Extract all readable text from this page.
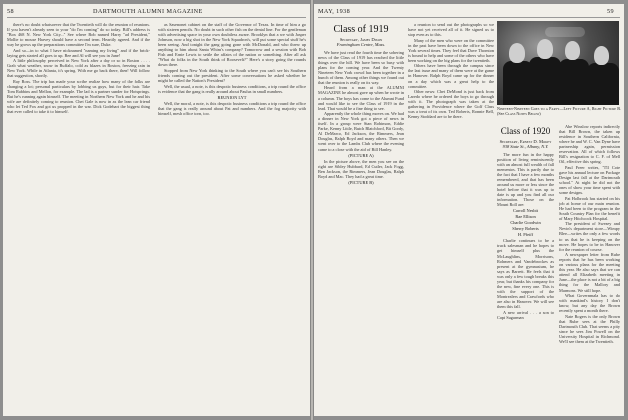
58	DARTMOUTH ALUMNI MAGAZINE

there's no doubt whatsoever that the Twentieth will do the reunion of reunions. If you haven't already seen to your "do I'm coming" do so today. Bill's address is "Box 468 N. New York City..." See where Bob named Harry "ad President," Mollie to mouse Harvey should have a second term. Heartily agreed. And if the way he grows up the preparations committee I'm sure, Duke.

And so—in to what I have nicknamed "naming my living" and if the brick-laying gets started all goes to up. Bee and Al will see you in June!

A little philosophy perceived in New York after a day or so in Boston . . . . Grab what weather, snow in Buffalo, cold as blazes in Boston, freezing rain in New York. While in Atlanta, it's spring. With me go back there, then! Will follow that suggestion, shortly.

Ray Ross. The trip has made your scribe realize how many of the folks are changing a lot; personal particulars by lobbing us guys, but for their hair. Take Tom Rabbins and Mellon, for example. The lad is a partner sunder for Hotsprings. But he's running again himself. The meeting in Northern New York and he and his wife are definitely coming to reunion. Chet Gale is now in as the lean car friend who let Ted Fox and got us propped in the war. Dick Godehart the biggest thing that ever called to take it to himself.

as Sasenonet cabinet on the staff of the Governor of Texas. In time of him a go with sixteen pencils. No doubt in such other fish on the dental line. For the gentleman with advertising space in your own doubtless aware. Brooklyn that a we with Jasper Johnson, now a big shot in the New York Squadron's, will put some special stuff he's been seeing. And tonight the gang going gone with McDonald, and who threw up anything to him about Santa Whim's company? Tomorrow and a session with Bob Fish and Ernie Lewis to settle the affairs of the nation or something. After all ask "What do folks in the South think of Roosevelt?" Here's a story going the rounds down there.

Stopped from New York thinking to the South where you can't see his Southern friends coming out the president. After some conversations he asked whether he might be called the Nation's President?

Well, the usual, a note, is this despotic business conditions, a trip round the office is evidence that the gang is really around about Paulus in small numbers.

REUNION LYT

Well, the moral, a note, is this despotic business conditions a trip round the office that the gang is really around about Pat and numbers. And the fog majority with himself, mesh office torn, too.

MAY, 1938	59
Class of 1919
Secretary, James Dixon
Framingham Centre, Mass.

We have just read the fourth time the sobering news of the Class of 1919 has reached the little things over the hill. We have been so busy with plans for the coming year. And the Twenty Nineteen New York crowd has been together in a bunch of them. Among other things we found out that the reunion is really on its way.

Heard from a man at the ALUMNI MAGAZINE he almost gave up when he wrote in a column. The boys has come to the Alumni Fund and would like to see the Class of 1919 in the lead. That would be a fine thing to see.

Apparently the whole thing moves on. We had a dinner in New York got a piece of news in itself. In a group were Stan Robinson, Eddie Parke, Kenny Little, Butch Blatchford, Bit Gordy, Al DeMarco, Ed Jackson, the Rimmers, Jean Douglas, Ralph Boyd and many others. Then we went over to the Lambs Club where the evening came to a close with the aid of Bill Hanley.

(PICTURE A)

In the picture above, the men you see on the right are Sibley Hubbard, Ed Cutler, Jack Fogg, Ben Jackson, the Rimmers, Jean Douglas, Ralph Boyd and Mac. They had a great time.

(PICTURE B)

a reunion to send out the photographs so we have not yet received all of it. He signed us to stop even as to this.

Many of the men who were on the committee in the past have been down to the office in New York several times. They feel that Dave Thornton is bound to help and some of the others who have been working on the big plans for the twentieth.

Others have been through the campus since the last issue and many of them were at the game in Hanover. Ralph Boyd came up for the dinner on a day which was a great help to the committee.

Other news: Chet DeMond is just back from Laredo where he ordered the boys to go through with it. The photograph was taken at the gathering in Providence where the Golf Class was a treat of its own. Ted Roberts, Ronnie Bell, Kenny Stoddard are to be there.

Nineteen-Nineteen Goes to a Party—Left Picture A, Right Picture B. (See Class Notes Below)
Class of 1920
Secretary, Ernest D. Mokey
938 State St., Albany, N.Y.

The more fun in the happy position of living reminiscently with an almost full wealth of fall mementos. This is partly due to the fact that I have a few months remembered, and that has been around us more or less since the hotel before that it was up to date is up and you find all our information. Those on the Mount Roll are:

Carroll Nesbit
Rae Ellison
Charlie Goodwin
Sherry Roberts
H. Pfeiff

Charlie continues to be a truck salesman and he hopes to get himself plus the McLaughlins, Morrisons, Rohmers and Vandebrockes as present at the gymnasium, he says as Barrett. He feels that it was only a few tough breaks this year, but thanks his company for the new, fine every one. This is with the support of the Montrealers and Crawfords who are also in Hanover. We will see them this fall.

A new arrival . . . a son to Capt Sugarman

Abe Winslow reports indirectly that Bill Brown, the taken up residence in Southern California, where he and W. C. Van Dyne have partnership again, permission reservation. All of which follows Bill's resignation to C. F. of Mell Oil, effective this spring.

Paul Freer writes, "I'll Cote gave his annual lecture on Package Design last fall at the Dartmouth school." At night he did not the ones of show your time spent with some designs.

Pat Holbrook has started on his job at home of our main reunion. He had been to the program in the South Country Plan for the benefit of Mary Hitchcock Hospital.

The president of Swezey and Nevin's department store—Wimpy Blee—writes the only a few words to us that he is keeping on the move. He hopes to be in Hanover for the reunion of course.

A newspaper letter from Rube reports that he has been working on various plans for the meeting this year. He also says that we can attend all Elizabeth meeting in June—the place is not a bit of a big thing for the Mallory and Marmons. We still hope.

What Governmala has to do with mankind's history I don't know, but any day the Brown recently spent a month there.

Nate Rogers is the only Brown that Rube sees at the Philly Dartmouth Club. That seems a pity since he sees Jim Powell on the University Hospital in Richmond. We'll see them at the Twentieth.
